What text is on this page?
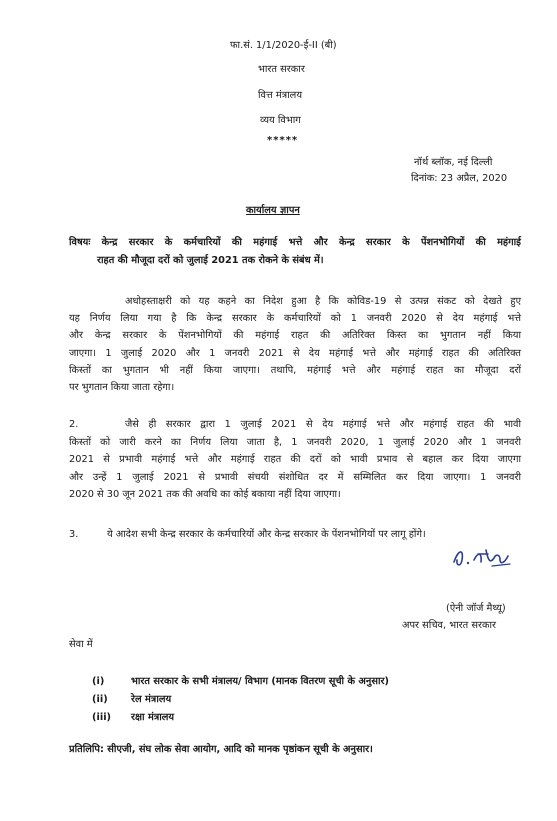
फा.सं. 1/1/2020-ई-II (बी)
भारत सरकार
वित्त मंत्रालय
व्यय विभाग
*****
नॉर्थ ब्लॉक, नई दिल्ली
दिनांक: 23 अप्रैल, 2020
कार्यालय ज्ञापन
विषयः केन्द्र सरकार के कर्मचारियों की महंगाई भत्ते और केन्द्र सरकार के पेंशनभोगियों की महंगाई
राहत की मौजूदा दरों को जुलाई 2021 तक रोकने के संबंध में।
अधोहस्ताक्षरी को यह कहने का निदेश हुआ है कि कोविड-19 से उत्पन्न संकट को देखते हुए
यह निर्णय लिया गया है कि केन्द्र सरकार के कर्मचारियों को 1 जनवरी 2020 से देय महंगाई भत्ते
और केन्द्र सरकार के पेंशनभोगियों की महंगाई राहत की अतिरिक्त किस्त का भुगतान नहीं किया
जाएगा। 1 जुलाई 2020 और 1 जनवरी 2021 से देय महंगाई भत्ते और महंगाई राहत की अतिरिक्त
किस्तों का भुगतान भी नहीं किया जाएगा। तथापि, महंगाई भत्ते और महंगाई राहत का मौजूदा दरों
पर भुगतान किया जाता रहेगा।
2.	जैसे ही सरकार द्वारा 1 जुलाई 2021 से देय महंगाई भत्ते और महंगाई राहत की भावी
किस्तों को जारी करने का निर्णय लिया जाता है, 1 जनवरी 2020, 1 जुलाई 2020 और 1 जनवरी
2021 से प्रभावी महंगाई भत्ते और महंगाई राहत की दरों को भावी प्रभाव से बहाल कर दिया जाएगा
और उन्हें 1 जुलाई 2021 से प्रभावी संचयी संशोधित दर में सम्मिलित कर दिया जाएगा। 1 जनवरी
2020 से 30 जून 2021 तक की अवधि का कोई बकाया नहीं दिया जाएगा।
3.	ये आदेश सभी केन्द्र सरकार के कर्मचारियों और केन्द्र सरकार के पेंशनभोगियों पर लागू होंगे।
(ऐनी जॉर्ज मैथ्यू)
अपर सचिव, भारत सरकार
सेवा में
(i)	भारत सरकार के सभी मंत्रालय/ विभाग (मानक वितरण सूची के अनुसार)
(ii) रेल मंत्रालय
(iii) रक्षा मंत्रालय
प्रतिलिपि: सीएजी, संघ लोक सेवा आयोग, आदि को मानक पृष्ठांकन सूची के अनुसार।
